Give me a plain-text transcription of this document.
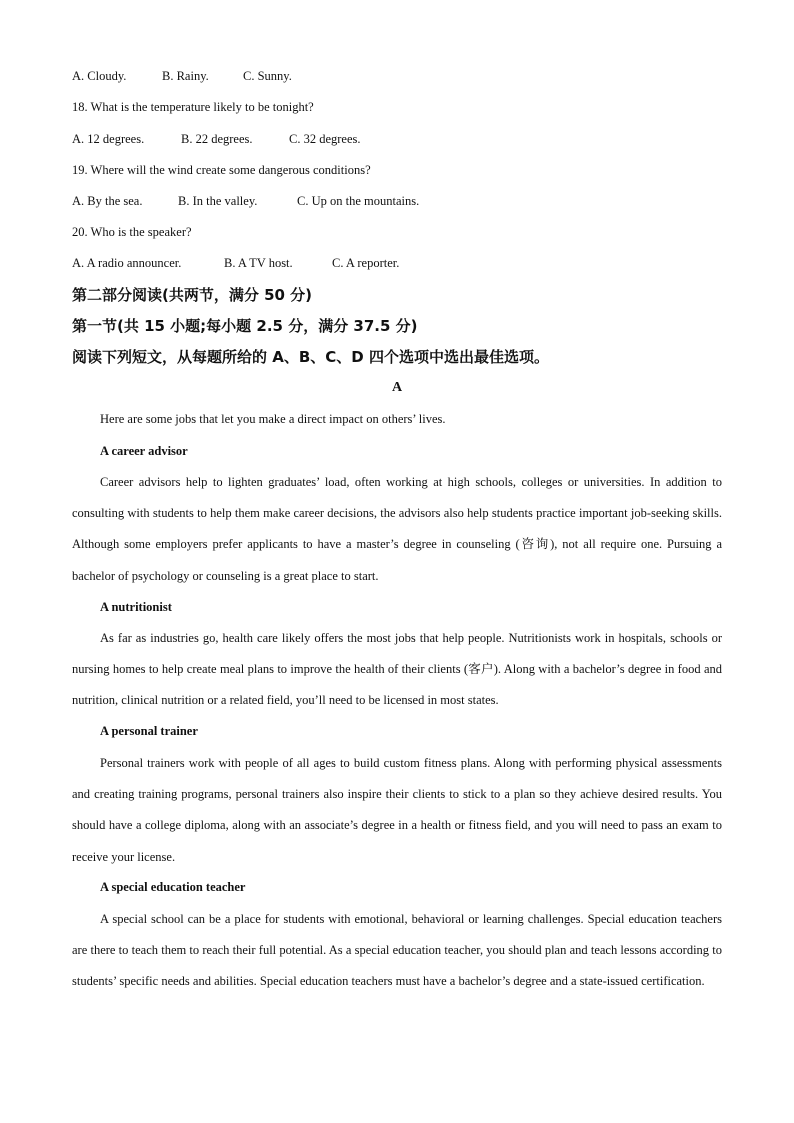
A. Cloudy.	B. Rainy.	C. Sunny.
18. What is the temperature likely to be tonight?
A. 12 degrees.	B. 22 degrees.	C. 32 degrees.
19. Where will the wind create some dangerous conditions?
A. By the sea.	B. In the valley.	C. Up on the mountains.
20. Who is the speaker?
A. A radio announcer.	B. A TV host.	C. A reporter.
第二部分阅读(共两节，满分 50 分)
第一节(共 15 小题;每小题 2.5 分，满分 37.5 分)
阅读下列短文，从每题所给的 A、B、C、D 四个选项中选出最佳选项。
A
Here are some jobs that let you make a direct impact on others’ lives.
A career advisor
Career advisors help to lighten graduates’ load, often working at high schools, colleges or universities. In addition to consulting with students to help them make career decisions, the advisors also help students practice important job-seeking skills. Although some employers prefer applicants to have a master’s degree in counseling (咨询), not all require one. Pursuing a bachelor of psychology or counseling is a great place to start.
A nutritionist
As far as industries go, health care likely offers the most jobs that help people. Nutritionists work in hospitals, schools or nursing homes to help create meal plans to improve the health of their clients (客户). Along with a bachelor’s degree in food and nutrition, clinical nutrition or a related field, you’ll need to be licensed in most states.
A personal trainer
Personal trainers work with people of all ages to build custom fitness plans. Along with performing physical assessments and creating training programs, personal trainers also inspire their clients to stick to a plan so they achieve desired results. You should have a college diploma, along with an associate’s degree in a health or fitness field, and you will need to pass an exam to receive your license.
A special education teacher
A special school can be a place for students with emotional, behavioral or learning challenges. Special education teachers are there to teach them to reach their full potential. As a special education teacher, you should plan and teach lessons according to students’ specific needs and abilities. Special education teachers must have a bachelor’s degree and a state-issued certification.
